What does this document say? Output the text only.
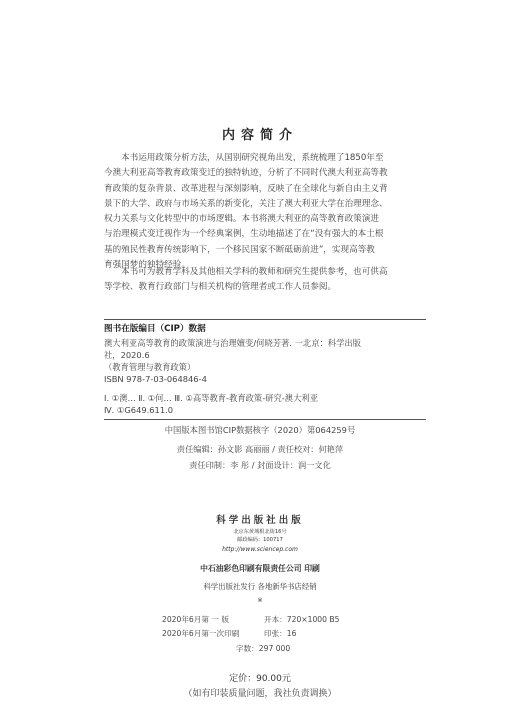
内容简介
本书运用政策分析方法，从国别研究视角出发，系统梳理了1850年至
今澳大利亚高等教育政策变迁的独特轨迹，分析了不同时代澳大利亚高等教
育政策的复杂背景、改革进程与深刻影响，反映了在全球化与新自由主义背
景下的大学、政府与市场关系的新变化，关注了澳大利亚大学在治理理念、
权力关系与文化转型中的市场逻辑。本书将澳大利亚的高等教育政策演进
与治理模式变迁视作为一个经典案例，生动地描述了在“没有强大的本土根
基的殖民性教育传统影响下，一个移民国家不断砥砺前进”，实现高等教
育强国梦的独特经验。
本书可为教育学科及其他相关学科的教师和研究生提供参考，也可供高
等学校、教育行政部门与相关机构的管理者或工作人员参阅。
图书在版编目（CIP）数据
澳大利亚高等教育的政策演进与治理嬗变/何晓芳著. 一北京：科学出版
社，2020.6
（教育管理与教育政策）
ISBN 978-7-03-064846-4
Ⅰ. ①澳… Ⅱ. ①何… Ⅲ. ①高等教育-教育政策-研究-澳大利亚
Ⅳ. ①G649.611.0
中国版本图书馆CIP数据核字（2020）第064259号
责任编辑：孙文影 高丽丽 / 责任校对：何艳萍
责任印制：李 彤 / 封面设计：润一文化
科学出版社出版
北京东黄城根北街16号
邮政编码：100717
http://www.sciencep.com
中石油彩色印刷有限责任公司 印刷
科学出版社发行 各地新华书店经销
※
2020年6月第 一 版	开本：720×1000 B5
2020年6月第一次印刷	印张：16
字数：297 000
定价：90.00元
（如有印装质量问题，我社负责调换）
